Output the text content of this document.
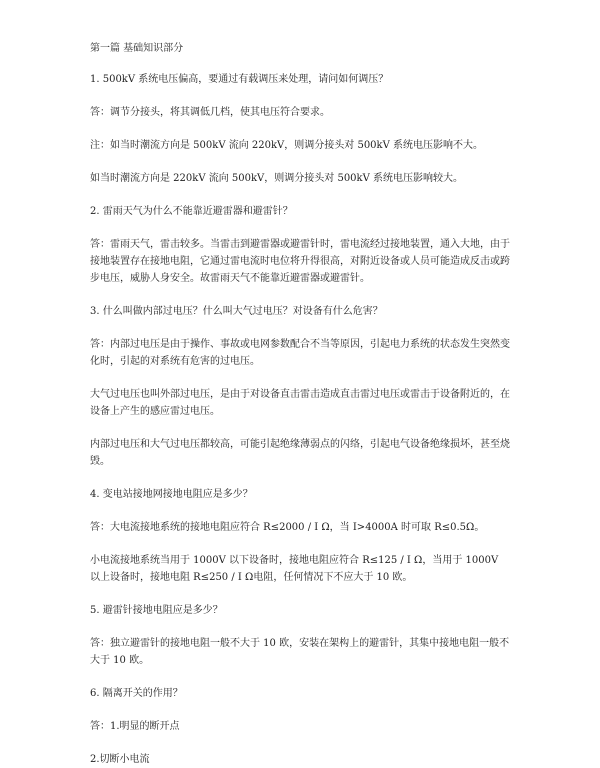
第一篇 基础知识部分

1. 500kV 系统电压偏高，要通过有载调压来处理，请问如何调压？

答：调节分接头，将其调低几档，使其电压符合要求。

注：如当时潮流方向是 500kV 流向 220kV，则调分接头对 500kV 系统电压影响不大。

如当时潮流方向是 220kV 流向 500kV，则调分接头对 500kV 系统电压影响较大。

2. 雷雨天气为什么不能靠近避雷器和避雷针？

答：雷雨天气，雷击较多。当雷击到避雷器或避雷针时，雷电流经过接地装置，通入大地，由于接地装置存在接地电阻，它通过雷电流时电位将升得很高，对附近设备或人员可能造成反击或跨步电压，威胁人身安全。故雷雨天气不能靠近避雷器或避雷针。

3. 什么叫做内部过电压？什么叫大气过电压？对设备有什么危害？

答：内部过电压是由于操作、事故或电网参数配合不当等原因，引起电力系统的状态发生突然变化时，引起的对系统有危害的过电压。

大气过电压也叫外部过电压，是由于对设备直击雷击造成直击雷过电压或雷击于设备附近的，在设备上产生的感应雷过电压。

内部过电压和大气过电压都较高，可能引起绝缘薄弱点的闪络，引起电气设备绝缘损坏，甚至烧毁。

4. 变电站接地网接地电阻应是多少？

答：大电流接地系统的接地电阻应符合 R≤2000 / I Ω，当 I>4000A 时可取 R≤0.5Ω。

小电流接地系统当用于 1000V 以下设备时，接地电阻应符合 R≤125 / I Ω，当用于 1000V 以上设备时，接地电阻 R≤250 / I Ω电阻，任何情况下不应大于 10 欧。

5. 避雷针接地电阻应是多少？

答：独立避雷针的接地电阻一般不大于 10 欧，安装在架构上的避雷针，其集中接地电阻一般不大于 10 欧。

6. 隔离开关的作用？

答：1.明显的断开点

2.切断小电流
